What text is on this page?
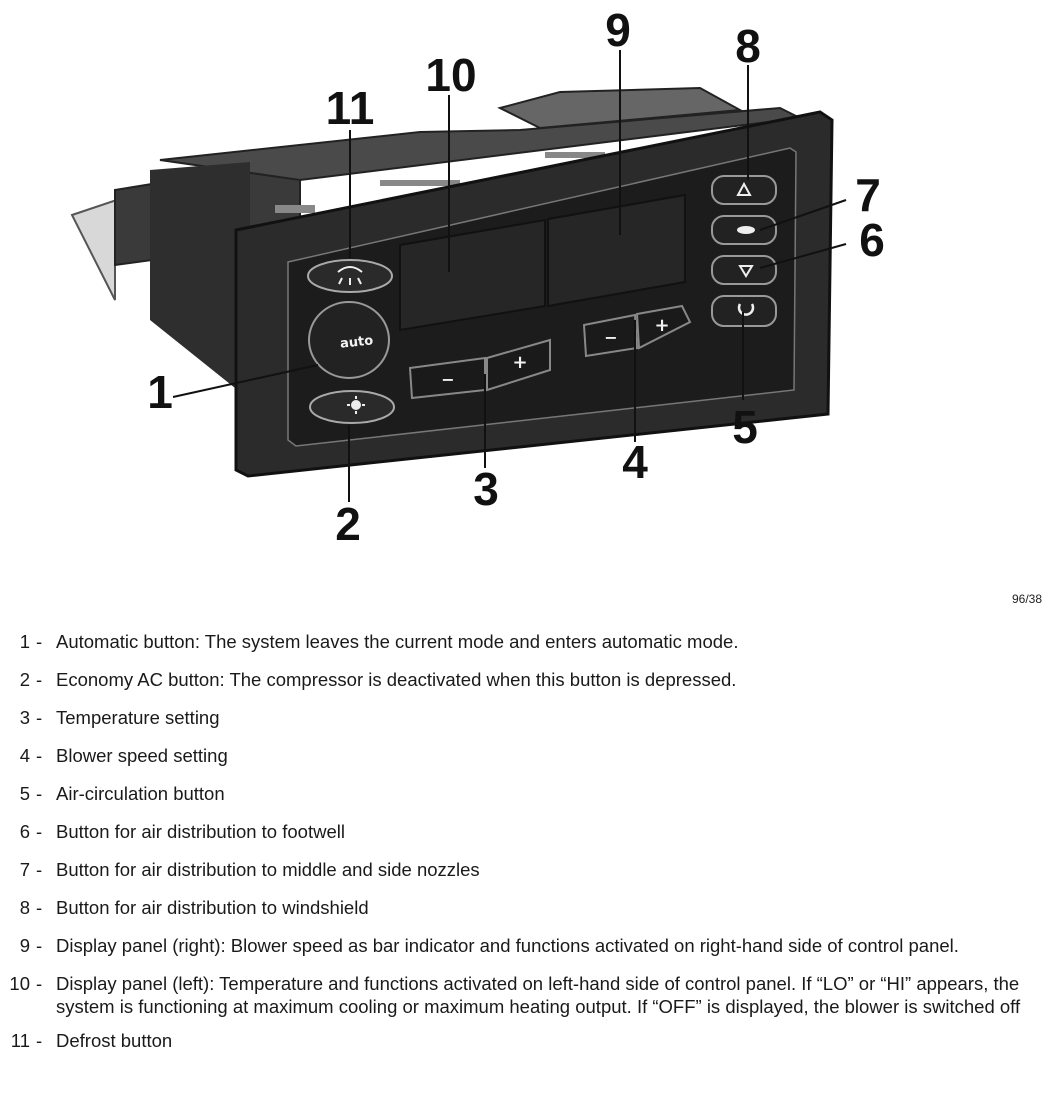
auto
−
+
−
+
11
10
9 8
7
6
5
4
3
2
1
96/38
1 - Automatic button: The system leaves the current mode and enters automatic mode.
2 - Economy AC button: The compressor is deactivated when this button is depressed.
3 - Temperature setting
4 - Blower speed setting
5 - Air-circulation button
6 - Button for air distribution to footwell
7 - Button for air distribution to middle and side nozzles
8 - Button for air distribution to windshield
9 - Display panel (right): Blower speed as bar indicator and functions activated on right-hand side of control panel.
10 - Display panel (left): Temperature and functions activated on left-hand side of control panel. If “LO” or “HI” appears, the system is functioning at maximum cooling or maximum heating output. If “OFF” is displayed, the blower is switched off
11 - Defrost button
